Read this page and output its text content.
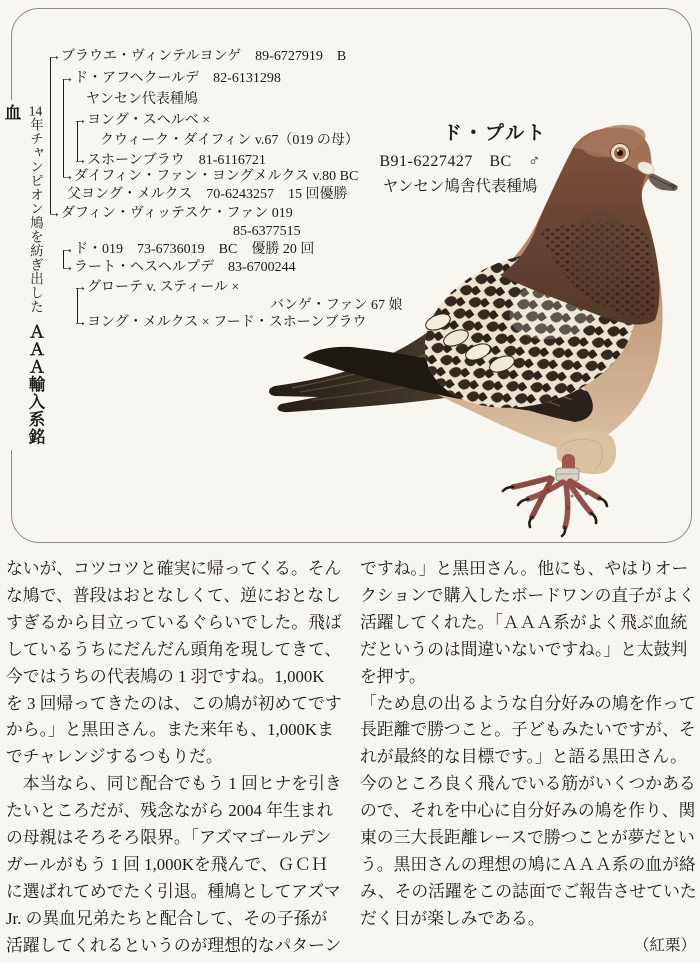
14年チャンピオン鳩を紡ぎ出したＡＡＡ輸入系銘血
→ブラウエ・ヴィンテルヨンゲ　89-6727919　B
→ド・アフヘクールデ　82-6131298
ヤンセン代表種鳩
→ヨング・スヘルベ ×
クウィーク・ダイフィン v.67（019 の母）
→スホーンブラウ　81-6116721
→ダイフィン・ファン・ヨングメルクス v.80 BC
父ヨング・メルクス　70-6243257　15 回優勝
→ダフィン・ヴィッテスケ・ファン 019
85-6377515
→ド・019　73-6736019　BC　優勝 20 回
→ラート・ヘスヘルプデ　83-6700244
→グローテ v. スティール ×
バンゲ・ファン 67 娘
→ヨング・メルクス × フード・スホーンブラウ
ド・プルト
B91-6227427　BC　♂
ヤンセン鳩舎代表種鳩
ないが、コツコツと確実に帰ってくる。そん
な鳩で、普段はおとなしくて、逆におとなし
すぎるから目立っているぐらいでした。飛ば
しているうちにだんだん頭角を現してきて、
今ではうちの代表鳩の 1 羽ですね。1,000K
を 3 回帰ってきたのは、この鳩が初めてです
から。」と黒田さん。また来年も、1,000Kま
でチャレンジするつもりだ。
　本当なら、同じ配合でもう 1 回ヒナを引き
たいところだが、残念ながら 2004 年生まれ
の母親はそろそろ限界。「アズマゴールデン
ガールがもう 1 回 1,000Kを飛んで、ＧＣＨ
に選ばれてめでたく引退。種鳩としてアズマ
Jr. の異血兄弟たちと配合して、その子孫が
活躍してくれるというのが理想的なパターン
ですね。」と黒田さん。他にも、やはりオー
クションで購入したボードワンの直子がよく
活躍してくれた。「ＡＡＡ系がよく飛ぶ血統
だというのは間違いないですね。」と太鼓判
を押す。
「ため息の出るような自分好みの鳩を作って
長距離で勝つこと。子どもみたいですが、そ
れが最終的な目標です。」と語る黒田さん。
今のところ良く飛んでいる筋がいくつかある
ので、それを中心に自分好みの鳩を作り、関
東の三大長距離レースで勝つことが夢だとい
う。黒田さんの理想の鳩にＡＡＡ系の血が絡
み、その活躍をこの誌面でご報告させていた
だく日が楽しみである。
（紅栗）
